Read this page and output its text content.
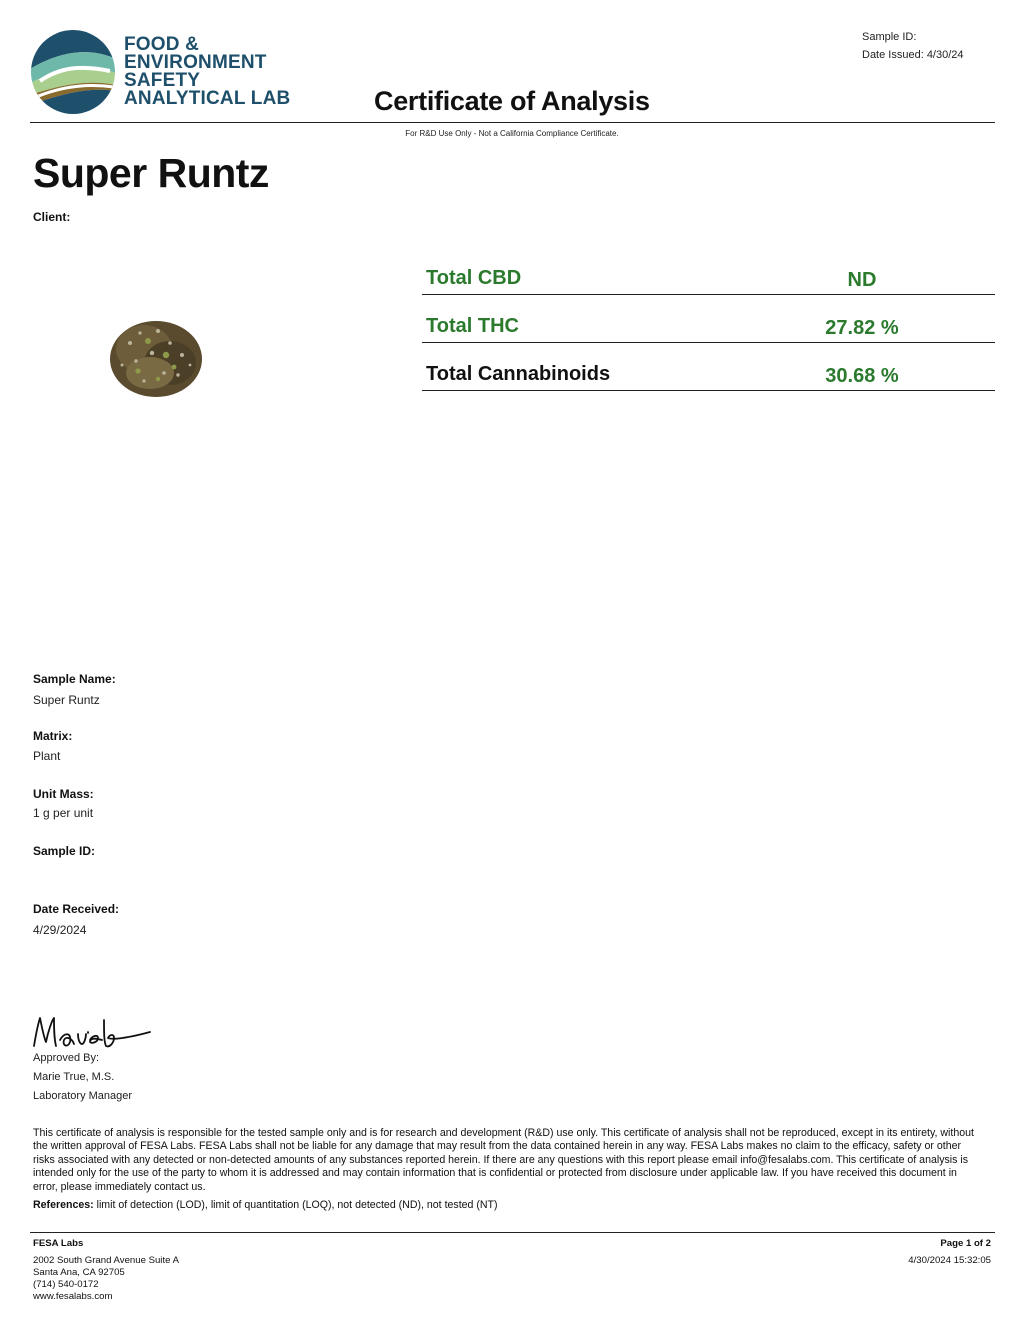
FOOD &
ENVIRONMENT
SAFETY
ANALYTICAL LAB
Sample ID:
Date Issued: 4/30/24
Certificate of Analysis
For R&D Use Only - Not a California Compliance Certificate.
Super Runtz
Client:
Total CBD	ND
Total THC	27.82 %
Total Cannabinoids	30.68 %
Sample Name:
Super Runtz
Matrix:
Plant
Unit Mass:
1 g per unit
Sample ID:
Date Received:
4/29/2024
Approved By:
Marie True, M.S.
Laboratory Manager
This certificate of analysis is responsible for the tested sample only and is for research and development (R&D) use only. This certificate of analysis shall not be reproduced, except in its entirety, without the written approval of FESA Labs. FESA Labs shall not be liable for any damage that may result from the data contained herein in any way. FESA Labs makes no claim to the efficacy, safety or other risks associated with any detected or non-detected amounts of any substances reported herein. If there are any questions with this report please email info@fesalabs.com. This certificate of analysis is intended only for the use of the party to whom it is addressed and may contain information that is confidential or protected from disclosure under applicable law. If you have received this document in error, please immediately contact us.
References: limit of detection (LOD), limit of quantitation (LOQ), not detected (ND), not tested (NT)
FESA Labs
2002 South Grand Avenue Suite A
Santa Ana, CA 92705
(714) 540-0172
www.fesalabs.com
Page 1 of 2
4/30/2024 15:32:05
